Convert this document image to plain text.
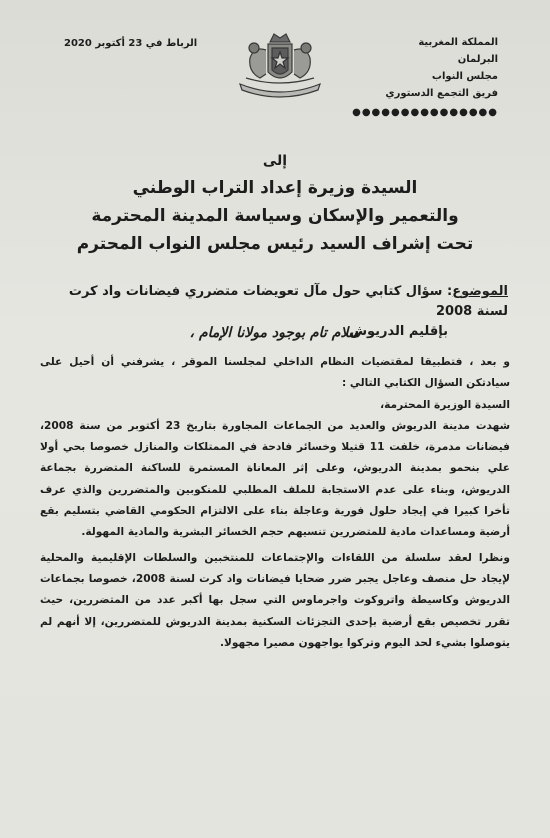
المملكة المغربية
البرلمان
مجلس النواب
فريق التجمع الدستوري
●●●●●●●●●●●●●●●
الرباط في 23 أكتوبر 2020
إلى
السيدة وزيرة إعداد التراب الوطني
والتعمير والإسكان وسياسة المدينة المحترمة
تحت إشراف السيد رئيس مجلس النواب المحترم
الموضوع: سؤال كتابي حول مآل تعويضات متضرري فيضانات واد كرت لسنة 2008
بإقليم الدريوش
سلام تام بوجود مولانا الإمام ،

و بعد ، فتطبيقا لمقتضيات النظام الداخلي لمجلسنا الموقر ، يشرفني أن أحيل على سيادتكن السؤال الكتابي التالي :

السيدة الوزيرة المحترمة،

شهدت مدينة الدريوش والعديد من الجماعات المجاورة بتاريخ 23 أكتوبر من سنة 2008، فيضانات مدمرة، خلفت 11 قتيلا وخسائر فادحة في الممتلكات والمنازل خصوصا بحي أولا علي بنحمو بمدينة الدريوش، وعلى إثر المعاناة المستمرة للساكنة المتضررة بجماعة الدريوش، وبناء على عدم الاستجابة للملف المطلبي للمنكوبين والمتضررين والذي عرف تأخرا كبيرا في إيجاد حلول فورية وعاجلة بناء على الالتزام الحكومي القاضي بتسليم بقع أرضية ومساعدات مادية للمتضررين تنسيهم حجم الخسائر البشرية والمادية المهولة.

ونظرا لعقد سلسلة من اللقاءات والإجتماعات للمنتخبين والسلطات الإقليمية والمحلية لإيجاد حل منصف وعاجل يجبر ضرر ضحايا فيضانات واد كرت لسنة 2008، خصوصا بجماعات الدريوش وكاسيطة واتروكوت واجرماوس التي سجل بها أكبر عدد من المتضررين، حيث تقرر تخصيص بقع أرضية بإحدى التجزئات السكنية بمدينة الدريوش للمتضررين، إلا أنهم لم يتوصلوا بشيء لحد اليوم وتركوا يواجهون مصيرا مجهولا.
